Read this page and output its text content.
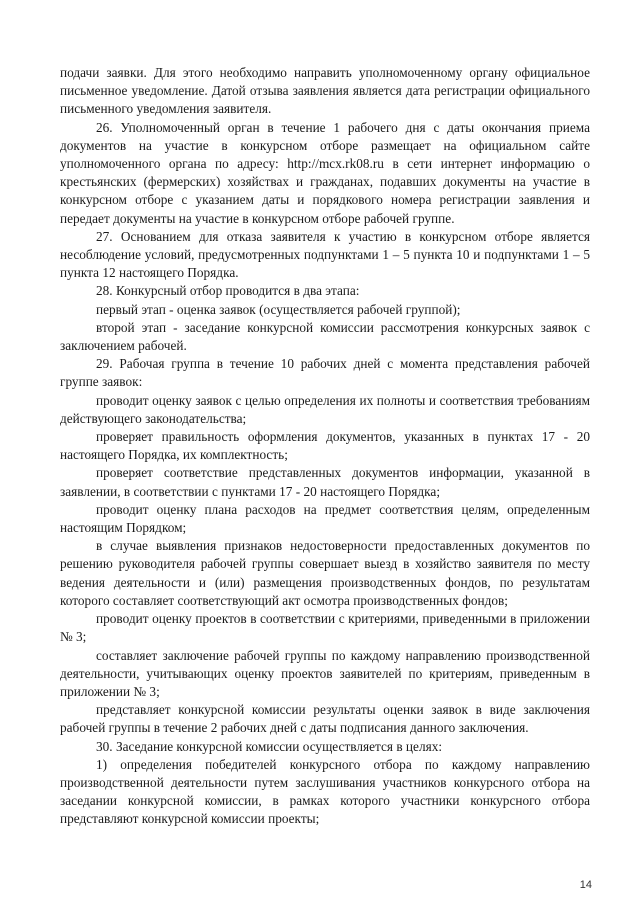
подачи заявки. Для этого необходимо направить уполномоченному органу официальное письменное уведомление. Датой отзыва заявления является дата регистрации официального письменного уведомления заявителя.

26. Уполномоченный орган в течение 1 рабочего дня с даты окончания приема документов на участие в конкурсном отборе размещает на официальном сайте уполномоченного органа по адресу: http://mcx.rk08.ru в сети интернет информацию о крестьянских (фермерских) хозяйствах и гражданах, подавших документы на участие в конкурсном отборе с указанием даты и порядкового номера регистрации заявления и передает документы на участие в конкурсном отборе рабочей группе.

27. Основанием для отказа заявителя к участию в конкурсном отборе является несоблюдение условий, предусмотренных подпунктами 1 – 5 пункта 10 и подпунктами 1 – 5 пункта 12 настоящего Порядка.

28. Конкурсный отбор проводится в два этапа:

первый этап - оценка заявок (осуществляется рабочей группой);

второй этап - заседание конкурсной комиссии рассмотрения конкурсных заявок с заключением рабочей.

29. Рабочая группа в течение 10 рабочих дней с момента представления рабочей группе заявок:

проводит оценку заявок с целью определения их полноты и соответствия требованиям действующего законодательства;

проверяет правильность оформления документов, указанных в пунктах 17 - 20 настоящего Порядка, их комплектность;

проверяет соответствие представленных документов информации, указанной в заявлении, в соответствии с пунктами 17 - 20 настоящего Порядка;

проводит оценку плана расходов на предмет соответствия целям, определенным настоящим Порядком;

в случае выявления признаков недостоверности предоставленных документов по решению руководителя рабочей группы совершает выезд в хозяйство заявителя по месту ведения деятельности и (или) размещения производственных фондов, по результатам которого составляет соответствующий акт осмотра производственных фондов;

проводит оценку проектов в соответствии с критериями, приведенными в приложении № 3;

составляет заключение рабочей группы по каждому направлению производственной деятельности, учитывающих оценку проектов заявителей по критериям, приведенным в приложении № 3;

представляет конкурсной комиссии результаты оценки заявок в виде заключения рабочей группы в течение 2 рабочих дней с даты подписания данного заключения.

30. Заседание конкурсной комиссии осуществляется в целях:

1) определения победителей конкурсного отбора по каждому направлению производственной деятельности путем заслушивания участников конкурсного отбора на заседании конкурсной комиссии, в рамках которого участники конкурсного отбора представляют конкурсной комиссии проекты;

14
